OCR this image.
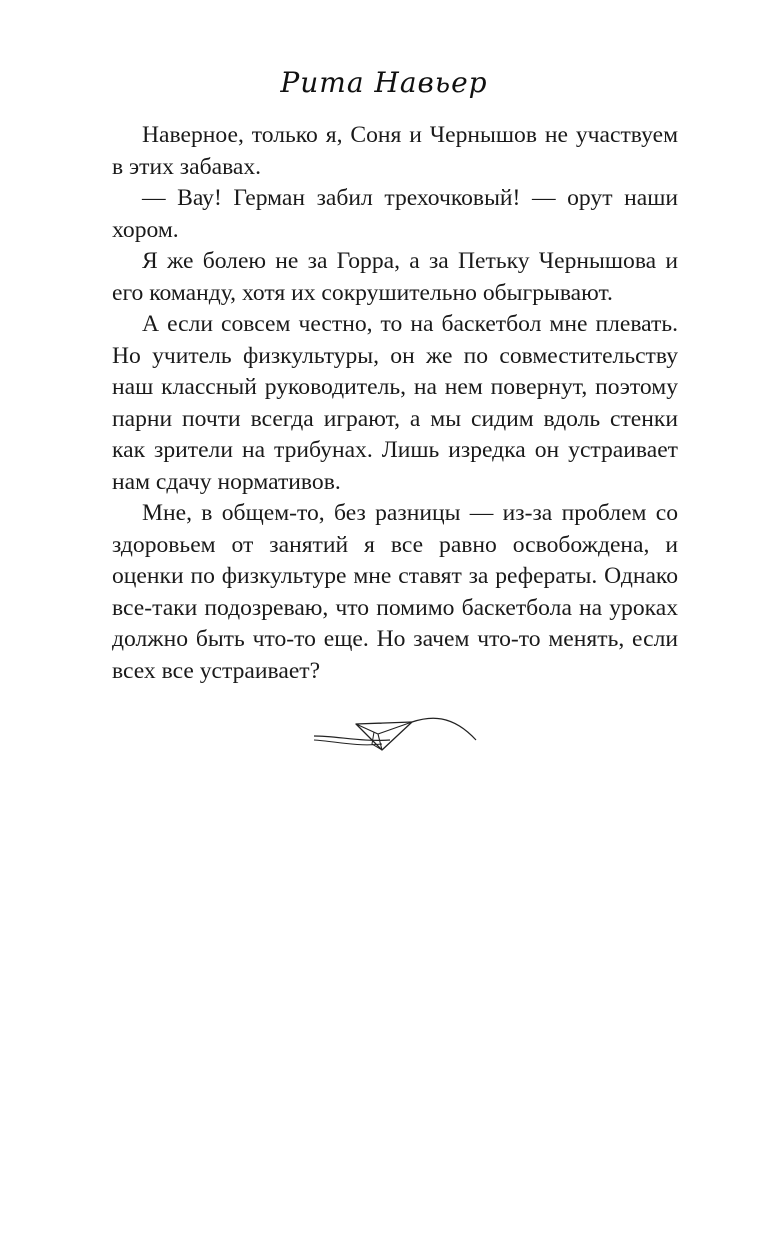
Рита Навьер

Наверное, только я, Соня и Чернышов не участвуем в этих забавах.

— Вау! Герман забил трехочковый! — орут наши хором.

Я же болею не за Горра, а за Петьку Чернышова и его команду, хотя их сокрушительно обыгрывают.

А если совсем честно, то на баскетбол мне плевать. Но учитель физкультуры, он же по совместительству наш классный руководитель, на нем повернут, поэтому парни почти всегда играют, а мы сидим вдоль стенки как зрители на трибунах. Лишь изредка он устраивает нам сдачу нормативов.

Мне, в общем-то, без разницы — из-за проблем со здоровьем от занятий я все равно освобождена, и оценки по физкультуре мне ставят за рефераты. Однако все-таки подозреваю, что помимо баскетбола на уроках должно быть что-то еще. Но зачем что-то менять, если всех все устраивает?
